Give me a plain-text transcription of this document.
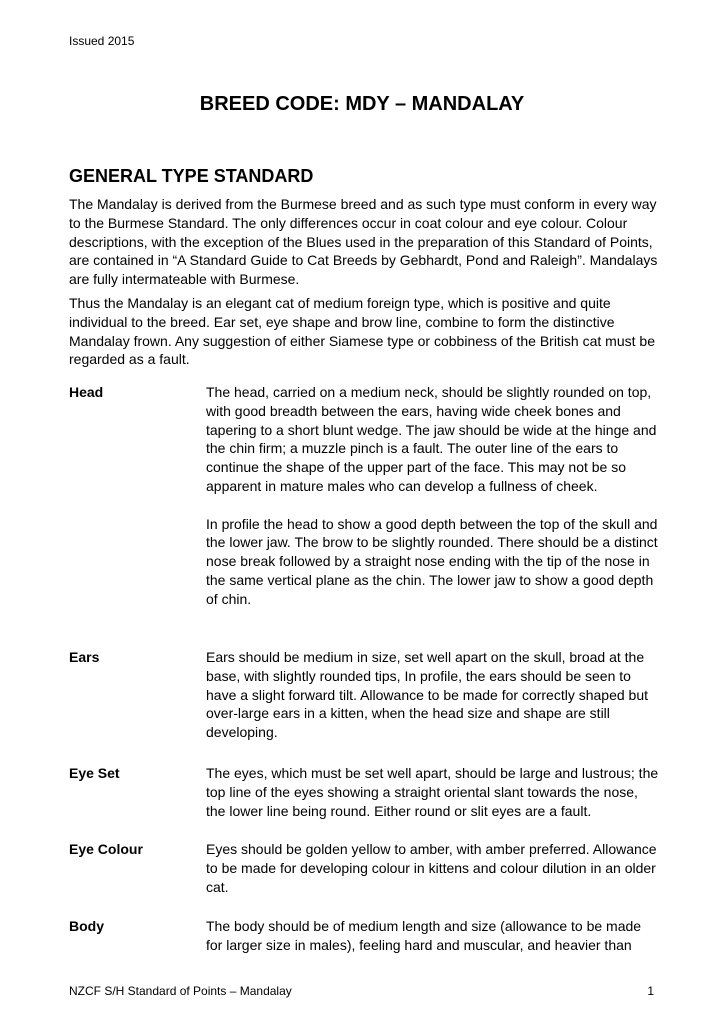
Issued 2015
BREED CODE: MDY – MANDALAY
GENERAL TYPE STANDARD

The Mandalay is derived from the Burmese breed and as such type must conform in every way to the Burmese Standard. The only differences occur in coat colour and eye colour. Colour descriptions, with the exception of the Blues used in the preparation of this Standard of Points, are contained in “A Standard Guide to Cat Breeds by Gebhardt, Pond and Raleigh”. Mandalays are fully intermateable with Burmese.

Thus the Mandalay is an elegant cat of medium foreign type, which is positive and quite individual to the breed. Ear set, eye shape and brow line, combine to form the distinctive Mandalay frown. Any suggestion of either Siamese type or cobbiness of the British cat must be regarded as a fault.

Head	The head, carried on a medium neck, should be slightly rounded on top, with good breadth between the ears, having wide cheek bones and tapering to a short blunt wedge. The jaw should be wide at the hinge and the chin firm; a muzzle pinch is a fault. The outer line of the ears to continue the shape of the upper part of the face. This may not be so apparent in mature males who can develop a fullness of cheek.

In profile the head to show a good depth between the top of the skull and the lower jaw. The brow to be slightly rounded. There should be a distinct nose break followed by a straight nose ending with the tip of the nose in the same vertical plane as the chin. The lower jaw to show a good depth of chin.

Ears	Ears should be medium in size, set well apart on the skull, broad at the base, with slightly rounded tips, In profile, the ears should be seen to have a slight forward tilt. Allowance to be made for correctly shaped but over-large ears in a kitten, when the head size and shape are still developing.

Eye Set	The eyes, which must be set well apart, should be large and lustrous; the top line of the eyes showing a straight oriental slant towards the nose, the lower line being round. Either round or slit eyes are a fault.

Eye Colour	Eyes should be golden yellow to amber, with amber preferred. Allowance to be made for developing colour in kittens and colour dilution in an older cat.

Body	The body should be of medium length and size (allowance to be made for larger size in males), feeling hard and muscular, and heavier than

NZCF S/H Standard of Points – Mandalay	1
